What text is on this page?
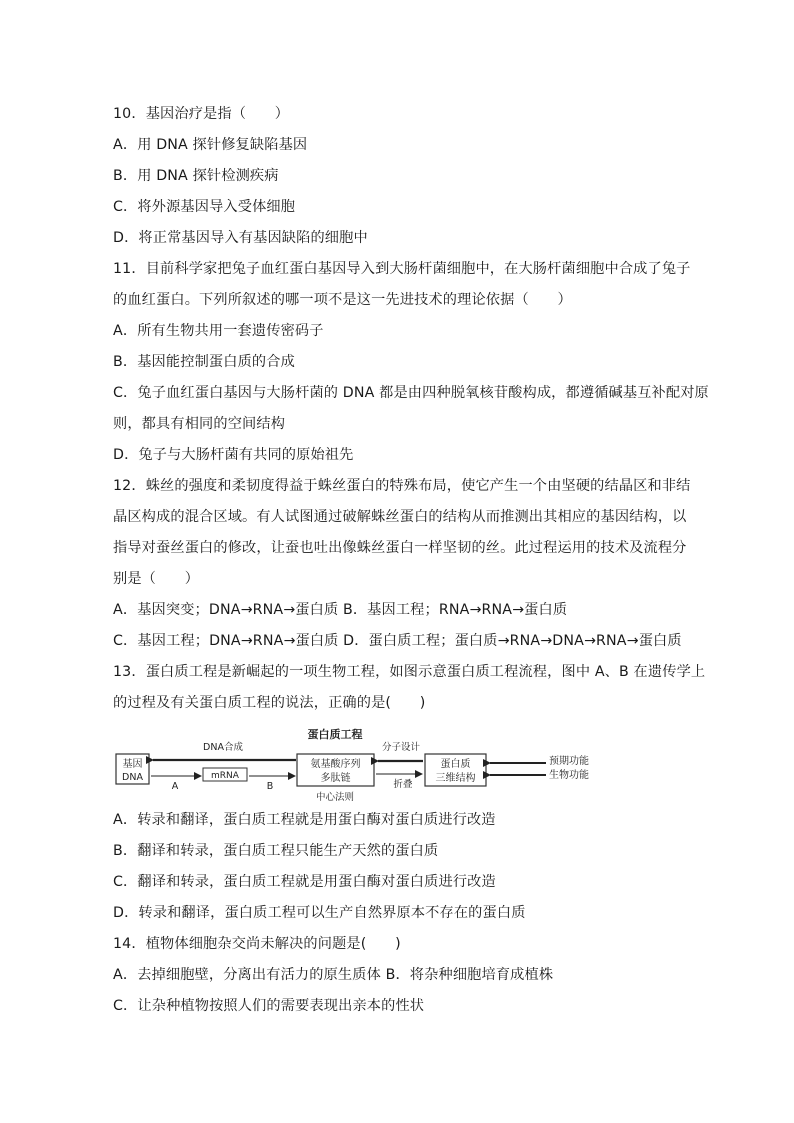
10．基因治疗是指（　　）
A．用 DNA 探针修复缺陷基因
B．用 DNA 探针检测疾病
C．将外源基因导入受体细胞
D．将正常基因导入有基因缺陷的细胞中
11．目前科学家把兔子血红蛋白基因导入到大肠杆菌细胞中，在大肠杆菌细胞中合成了兔子
的血红蛋白。下列所叙述的哪一项不是这一先进技术的理论依据（　　）
A．所有生物共用一套遗传密码子
B．基因能控制蛋白质的合成
C．兔子血红蛋白基因与大肠杆菌的 DNA 都是由四种脱氧核苷酸构成，都遵循碱基互补配对原
则，都具有相同的空间结构
D．兔子与大肠杆菌有共同的原始祖先
12．蛛丝的强度和柔韧度得益于蛛丝蛋白的特殊布局，使它产生一个由坚硬的结晶区和非结
晶区构成的混合区域。有人试图通过破解蛛丝蛋白的结构从而推测出其相应的基因结构，以
指导对蚕丝蛋白的修改，让蚕也吐出像蛛丝蛋白一样坚韧的丝。此过程运用的技术及流程分
别是（　　）
A．基因突变；DNA→RNA→蛋白质 B．基因工程；RNA→RNA→蛋白质
C．基因工程；DNA→RNA→蛋白质 D．蛋白质工程；蛋白质→RNA→DNA→RNA→蛋白质
13．蛋白质工程是新崛起的一项生物工程，如图示意蛋白质工程流程，图中 A、B 在遗传学上
的过程及有关蛋白质工程的说法，正确的是(　　)
蛋白质工程
基因
DNA
DNA合成
A
mRNA
B
氨基酸序列
多肽链
中心法则
分子设计
折叠
蛋白质
三维结构
预期功能
生物功能
A．转录和翻译，蛋白质工程就是用蛋白酶对蛋白质进行改造
B．翻译和转录，蛋白质工程只能生产天然的蛋白质
C．翻译和转录，蛋白质工程就是用蛋白酶对蛋白质进行改造
D．转录和翻译，蛋白质工程可以生产自然界原本不存在的蛋白质
14．植物体细胞杂交尚未解决的问题是(　　)
A．去掉细胞壁，分离出有活力的原生质体 B．将杂种细胞培育成植株
C．让杂种植物按照人们的需要表现出亲本的性状
